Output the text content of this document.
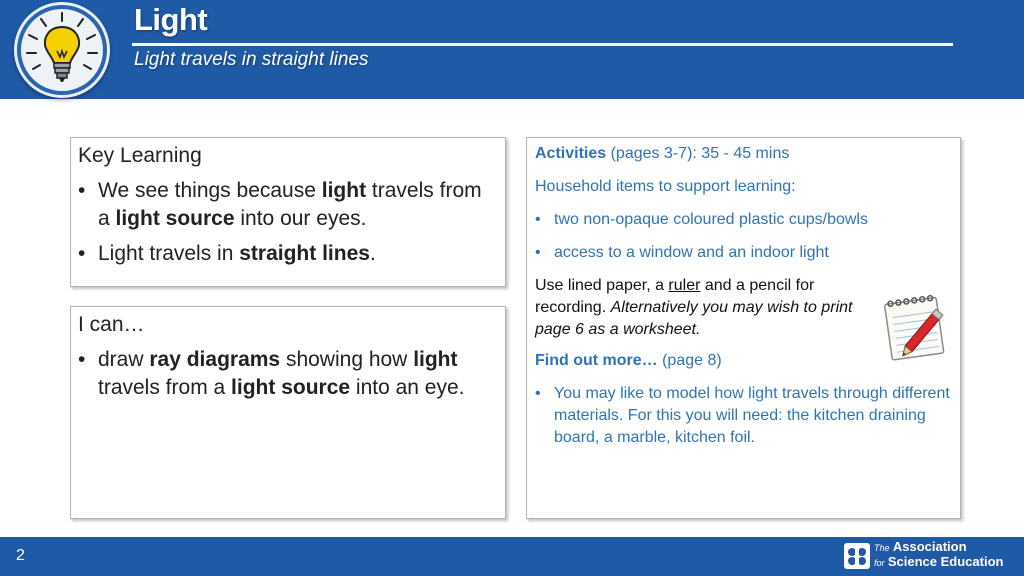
Light
Light travels in straight lines
Key Learning
• We see things because light travels from a light source into our eyes.
• Light travels in straight lines.
I can…
• draw ray diagrams showing how light travels from a light source into an eye.

Activities (pages 3-7): 35 - 45 mins

Household items to support learning:

• two non-opaque coloured plastic cups/bowls
• access to a window and an indoor light

Use lined paper, a ruler and a pencil for recording. Alternatively you may wish to print page 6 as a worksheet.

Find out more… (page 8)

• You may like to model how light travels through different materials. For this you will need: the kitchen draining board, a marble, kitchen foil.
2	The Association
for Science Education
